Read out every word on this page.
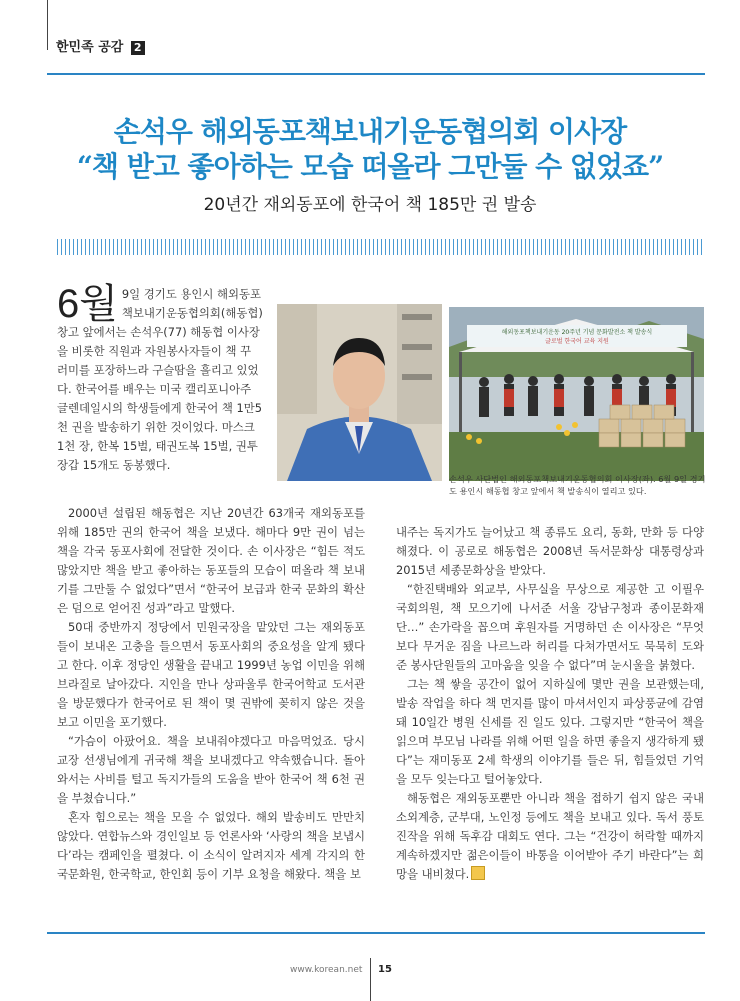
한민족 공감 2
손석우 해외동포책보내기운동협의회 이사장
“책 받고 좋아하는 모습 떠올라 그만둘 수 없었죠”
20년간 재외동포에 한국어 책 185만 권 발송
6월 9일 경기도 용인시 해외동포
책보내기운동협의회(해동협)
창고 앞에서는 손석우(77) 해동협 이사장
을 비롯한 직원과 자원봉사자들이 책 꾸
러미를 포장하느라 구슬땀을 흘리고 있었
다. 한국어를 배우는 미국 캘리포니아주
글렌데일시의 학생들에게 한국어 책 1만5
천 권을 발송하기 위한 것이었다. 마스크
1천 장, 한복 15벌, 태권도복 15벌, 권투
장갑 15개도 동봉했다.

2000년 설립된 해동협은 지난 20년간 63개국 재외동포를 위해 185만 권의 한국어 책을 보냈다. 해마다 9만 권이 넘는 책을 각국 동포사회에 전달한 것이다. 손 이사장은 “힘든 적도 많았지만 책을 받고 좋아하는 동포들의 모습이 떠올라 책 보내기를 그만둘 수 없었다”면서 “한국어 보급과 한국 문화의 확산은 덤으로 얻어진 성과”라고 말했다.

50대 중반까지 정당에서 민원국장을 맡았던 그는 재외동포들이 보내온 고충을 들으면서 동포사회의 중요성을 알게 됐다고 한다. 이후 정당인 생활을 끝내고 1999년 농업 이민을 위해 브라질로 날아갔다. 지인을 만나 상파울루 한국어학교 도서관을 방문했다가 한국어로 된 책이 몇 권밖에 꽂히지 않은 것을 보고 이민을 포기했다.

“가슴이 아팠어요. 책을 보내줘야겠다고 마음먹었죠. 당시 교장 선생님에게 귀국해 책을 보내겠다고 약속했습니다. 돌아와서는 사비를 털고 독지가들의 도움을 받아 한국어 책 6천 권을 부쳤습니다.”

혼자 힘으로는 책을 모을 수 없었다. 해외 발송비도 만만치 않았다. 연합뉴스와 경인일보 등 언론사와 ‘사랑의 책을 보냅시다’라는 캠페인을 펼쳤다. 이 소식이 알려지자 세계 각지의 한국문화원, 한국학교, 한인회 등이 기부 요청을 해왔다. 책을 보

해외동포책보내기운동 20주년 기념 문화발전소 책 발송식
글로벌 한국어 교육 지원
손석우 사단법인 해외동포책보내기운동협의회 이사장(좌). 6월 9일 경기
도 용인시 해동협 창고 앞에서 책 발송식이 열리고 있다.

내주는 독지가도 늘어났고 책 종류도 요리, 동화, 만화 등 다양해졌다. 이 공로로 해동협은 2008년 독서문화상 대통령상과 2015년 세종문화상을 받았다.

“한진택배와 외교부, 사무실을 무상으로 제공한 고 이필우 국회의원, 책 모으기에 나서준 서울 강남구청과 종이문화재단…” 손가락을 꼽으며 후원자를 거명하던 손 이사장은 “무엇보다 무거운 짐을 나르느라 허리를 다쳐가면서도 묵묵히 도와준 봉사단원들의 고마움을 잊을 수 없다”며 눈시울을 붉혔다.

그는 책 쌓을 공간이 없어 지하실에 몇만 권을 보관했는데, 발송 작업을 하다 책 먼지를 많이 마셔서인지 파상풍균에 감염돼 10일간 병원 신세를 진 일도 있다. 그렇지만 “한국어 책을 읽으며 부모님 나라를 위해 어떤 일을 하면 좋을지 생각하게 됐다”는 재미동포 2세 학생의 이야기를 들은 뒤, 힘들었던 기억을 모두 잊는다고 털어놓았다.

해동협은 재외동포뿐만 아니라 책을 접하기 쉽지 않은 국내 소외계층, 군부대, 노인정 등에도 책을 보내고 있다. 독서 풍토 진작을 위해 독후감 대회도 연다. 그는 “건강이 허락할 때까지 계속하겠지만 젊은이들이 바통을 이어받아 주기 바란다”는 희망을 내비쳤다.

www.korean.net 15
